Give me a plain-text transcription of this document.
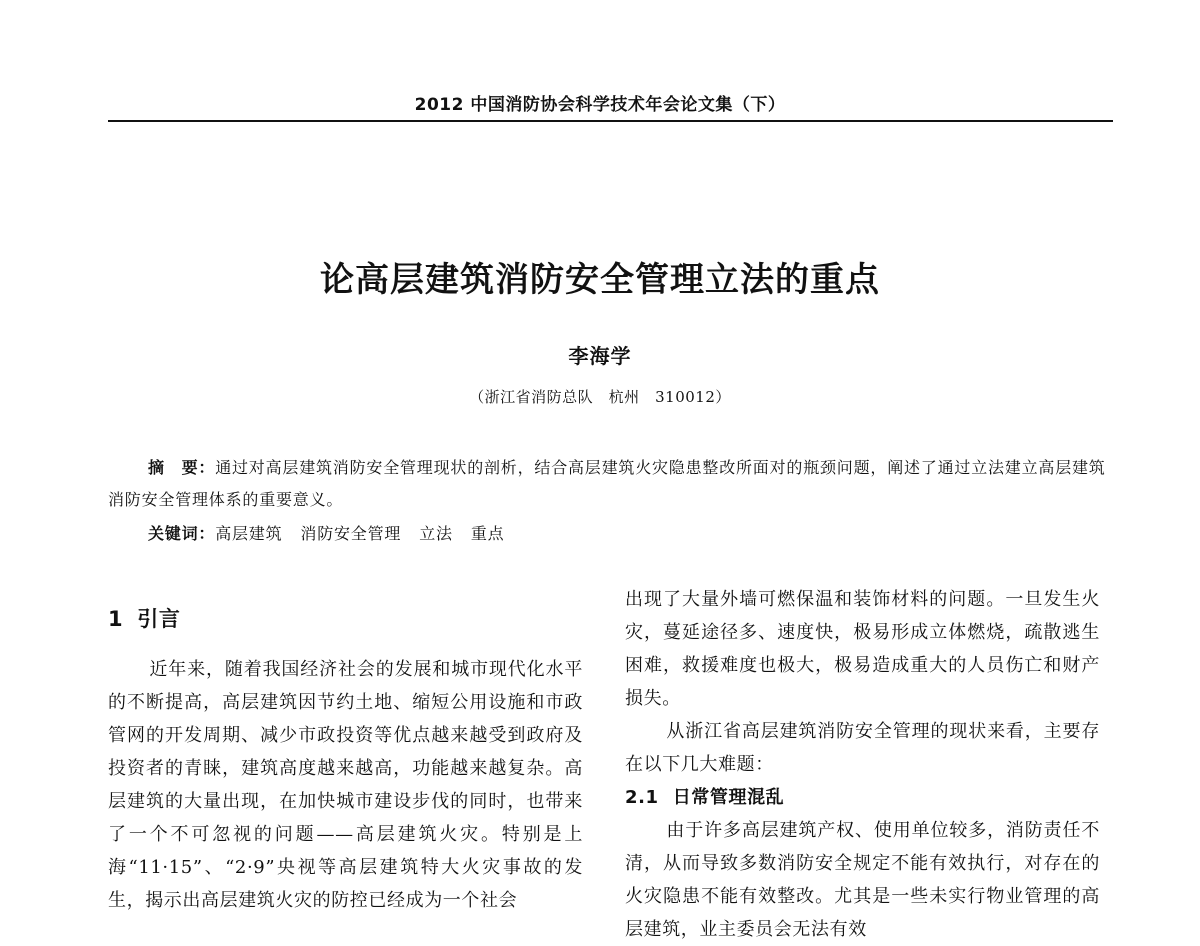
2012 中国消防协会科学技术年会论文集（下）
论高层建筑消防安全管理立法的重点
李海学
（浙江省消防总队　杭州　310012）

摘　要：通过对高层建筑消防安全管理现状的剖析，结合高层建筑火灾隐患整改所面对的瓶颈问题，阐述了通过立法建立高层建筑消防安全管理体系的重要意义。

关键词：高层建筑 消防安全管理 立法 重点

1 引言

近年来，随着我国经济社会的发展和城市现代化水平的不断提高，高层建筑因节约土地、缩短公用设施和市政管网的开发周期、减少市政投资等优点越来越受到政府及投资者的青睐，建筑高度越来越高，功能越来越复杂。高层建筑的大量出现，在加快城市建设步伐的同时，也带来了一个不可忽视的问题——高层建筑火灾。特别是上海“11·15”、“2·9”央视等高层建筑特大火灾事故的发生，揭示出高层建筑火灾的防控已经成为一个社会

出现了大量外墙可燃保温和装饰材料的问题。一旦发生火灾，蔓延途径多、速度快，极易形成立体燃烧，疏散逃生困难，救援难度也极大，极易造成重大的人员伤亡和财产损失。

从浙江省高层建筑消防安全管理的现状来看，主要存在以下几大难题：

2.1 日常管理混乱

由于许多高层建筑产权、使用单位较多，消防责任不清，从而导致多数消防安全规定不能有效执行，对存在的火灾隐患不能有效整改。尤其是一些未实行物业管理的高层建筑，业主委员会无法有效
